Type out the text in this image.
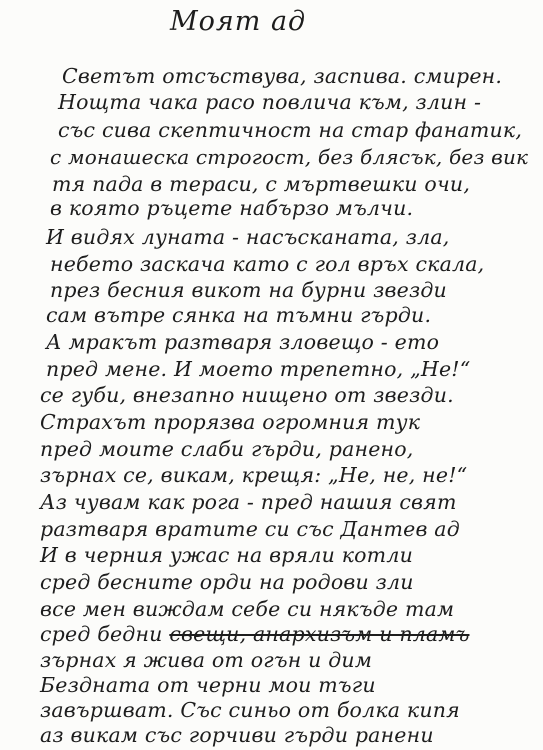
Моят ад
Светът отсъствува, заспива. смирен.
Нощта чака расо повлича към, злин -
със сива скептичност на стар фанатик,
с монашеска строгост, без блясък, без вик
тя пада в тераси, с мъртвешки очи,
в която ръцете набързо мълчи.
И видях луната - насъсканата, зла,
небето заскача като с гол връх скала,
през бесния викот на бурни звезди
сам вътре сянка на тъмни гърди.
А мракът разтваря зловещо - ето
пред мене. И моето трепетно, „Не!“
се губи, внезапно нищено от звезди.
Страхът прорязва огромния тук
пред моите слаби гърди, ранено,
зърнах се, викам, крещя: „Не, не, не!“
Аз чувам как рога - пред нашия свят
разтваря вратите си със Дантев ад
И в черния ужас на вряли котли
сред бесните орди на родови зли
все мен виждам себе си някъде там
сред бедни свещи, анархизъм и пламъ
зърнах я жива от огън и дим
Бездната от черни мои тъги
завършват. Със синьо от болка кипя
аз викам със горчиви гърди ранени
